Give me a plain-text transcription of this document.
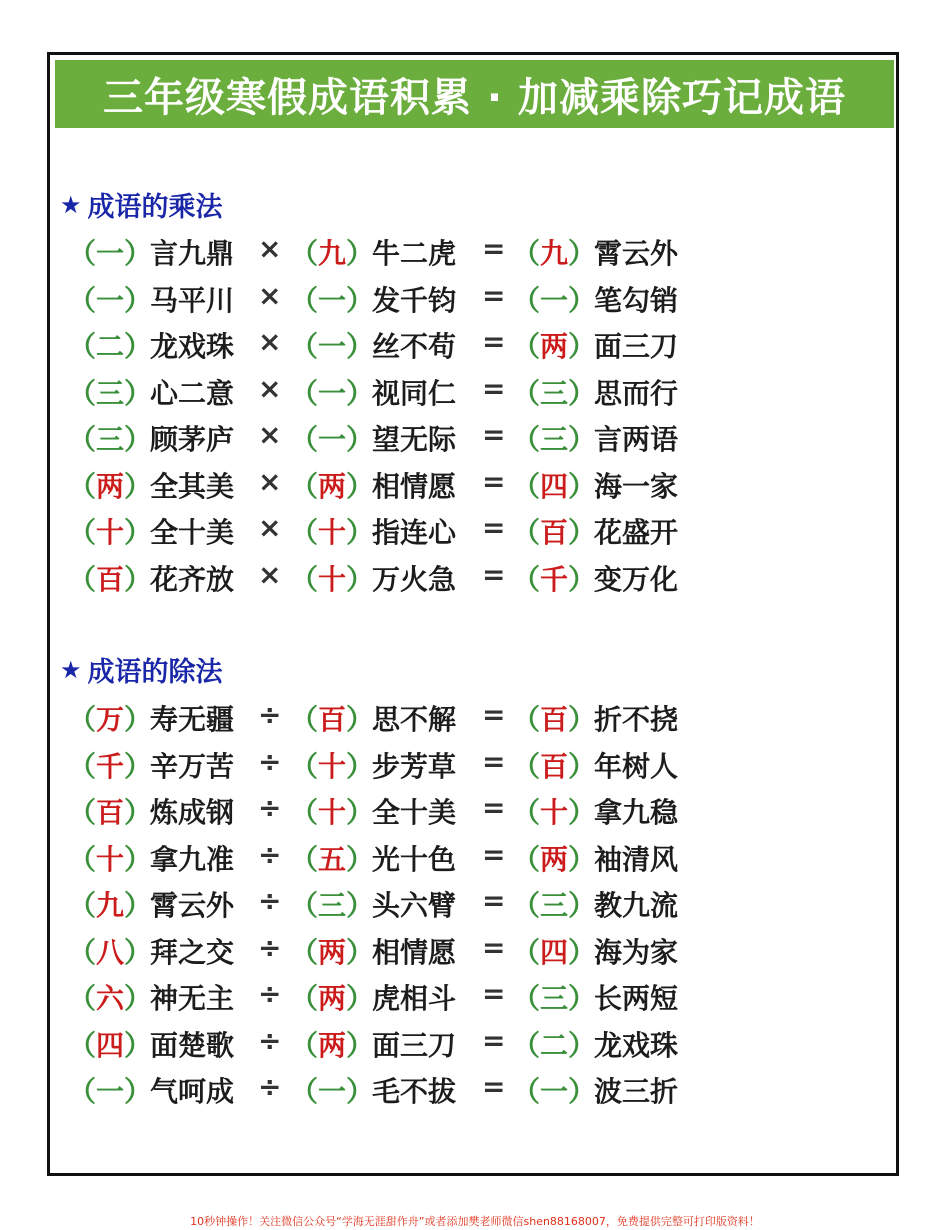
三年级寒假成语积累 · 加减乘除巧记成语
★ 成语的乘法
（一）
言九鼎 × （九）
牛二虎 = （九）
霄云外
（一）
马平川 × （一）
发千钧 = （一）
笔勾销
（二）
龙戏珠 × （一）
丝不苟 = （两）
面三刀
（三）
心二意 × （一）
视同仁 = （三）
思而行
（三）
顾茅庐 × （一）
望无际 = （三）
言两语
（两）
全其美 × （两）
相情愿 = （四）
海一家
（十）
全十美 × （十）
指连心 = （百）
花盛开
（百）
花齐放 × （十）
万火急 = （千）
变万化
★ 成语的除法
（万）
寿无疆 ÷ （百）
思不解 = （百）
折不挠
（千）
辛万苦 ÷ （十）
步芳草 = （百）
年树人
（百）
炼成钢 ÷ （十）
全十美 = （十）
拿九稳
（十）
拿九准 ÷ （五）
光十色 = （两）
袖清风
（九）
霄云外 ÷ （三）
头六臂 = （三）
教九流
（八）
拜之交 ÷ （两）
相情愿 = （四）
海为家
（六）
神无主 ÷ （两）
虎相斗 = （三）
长两短
（四）
面楚歌 ÷ （两）
面三刀 = （二）
龙戏珠
（一）
气呵成 ÷ （一）
毛不拔 = （一）
波三折
10秒钟操作！关注微信公众号“学海无涯甜作舟”或者添加樊老师微信shen88168007，免费提供完整可打印版资料！
